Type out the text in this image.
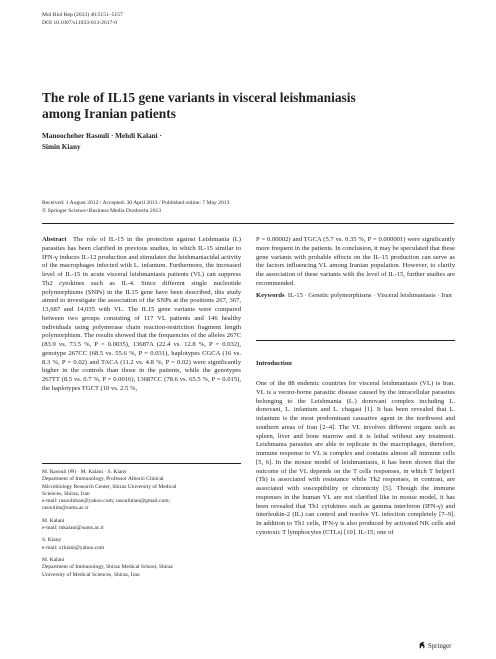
Mol Biol Rep (2013) 40:5151–5157
DOI 10.1007/s11033-013-2617-0
The role of IL15 gene variants in visceral leishmaniasis
among Iranian patients
Manoocheher Rasouli · Mehdi Kalani ·
Simin Kiany
Received: 1 August 2012 / Accepted: 30 April 2013 / Published online: 7 May 2013
© Springer Science+Business Media Dordrecht 2013

Abstract The role of IL-15 in the protection against Leishmania (L) parasites has been clarified in previous studies, in which IL-15 similar to IFN-γ induces IL-12 production and stimulates the leishmaniacidal activity of the macrophages infected with L. infantum. Furthermore, the increased level of IL-15 in acute visceral leishmaniasis patients (VL) can suppress Th2 cytokines such as IL-4. Since different single nucleotide polymorphisms (SNPs) in the IL15 gene have been described, this study aimed to investigate the association of the SNPs at the positions 267, 367, 13,687 and 14,035 with VL. The IL15 gene variants were compared between two groups consisting of 117 VL patients and 146 healthy individuals using polymerase chain reaction-restriction fragment length polymorphism. The results showed that the frequencies of the alleles 267C (83.9 vs. 73.5 %, P = 0.0035), 13687A (22.4 vs. 12.8 %, P = 0.032), genotype 267CC (68.5 vs. 55.6 %, P = 0.031), haplotypes CGCA (16 vs. 8.3 %, P = 0.02) and TACA (11.2 vs. 4.8 %, P = 0.02) were significantly higher in the controls than those in the patients, while the genotypes 267TT (8.5 vs. 0.7 %, P = 0.0016), 13687CC (78.6 vs. 65.5 %, P = 0.015), the haplotypes TGCT (10 vs. 2.5 %,

P = 0.00002) and TGCA (5.7 vs. 0.35 %, P = 0.000001) were significantly more frequent in the patients. In conclusion, it may be speculated that these gene variants with probable effects on the IL-15 production can serve as the factors influencing VL among Iranian population. However, to clarify the association of these variants with the level of IL-15, further studies are recommended.

Keywords IL-15 · Genetic polymorphisms · Visceral leishmaniasis · Iran
Introduction

One of the 88 endemic countries for visceral leishmaniasis (VL) is Iran. VL is a vector-borne parasitic disease caused by the intracellular parasites belonging to the Leishmania (L.) donovani complex including L. donovani, L. infantum and L. chagasi [1]. It has been revealed that L. infantum is the most predominant causative agent in the northwest and southern areas of Iran [2–4]. The VL involves different organs such as spleen, liver and bone marrow and it is lethal without any treatment. Leishmania parasites are able to replicate in the macrophages, therefore, immune response to VL is complex and contains almost all immune cells [5, 6]. In the mouse model of leishmaniasis, it has been shown that the outcome of the VL depends on the T cells responses, in which T helper1 (Th) is associated with resistance while Th2 responses, in contrast, are associated with susceptibility or chronicity [5]. Though the immune responses in the human VL are not clarified like in mouse model, it has been revealed that Th1 cytokines such as gamma interferon (IFN-γ) and interleukin-2 (IL) can control and resolve VL infection completely [7–9]. In addition to Th1 cells, IFN-γ is also produced by activated NK cells and cytotoxic T lymphocytes (CTLs) [10]. IL-15; one of

M. Rasouli (✉) · M. Kalani · S. Kiany

Department of Immunology, Professor Alborzi Clinical

Microbiology Research Center, Shiraz University of Medical

Sciences, Shiraz, Iran

e-mail: rasouliman@yahoo.com; rasouliman@gmail.com;

rasoulim@sums.ac.ir

M. Kalani

e-mail: mkalani@sums.ac.ir

S. Kiany

e-mail: s1kiani@yahoo.com

M. Kalani

Department of Immunology, Shiraz Medical School, Shiraz

University of Medical Sciences, Shiraz, Iran

Springer
